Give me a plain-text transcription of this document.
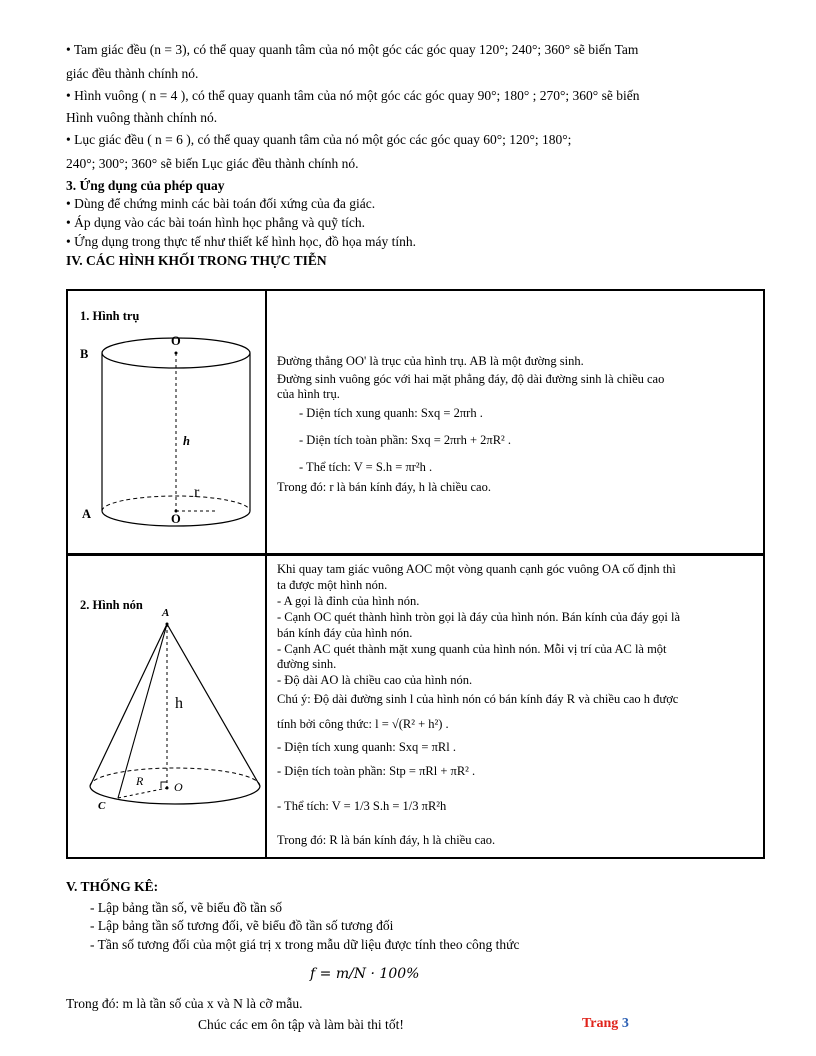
• Tam giác đều (n = 3), có thể quay quanh tâm của nó một góc các góc quay 120°; 240°; 360° sẽ biến Tam
giác đều thành chính nó.
• Hình vuông ( n = 4 ), có thể quay quanh tâm của nó một góc các góc quay 90°; 180° ; 270°; 360° sẽ biến
Hình vuông thành chính nó.
• Lục giác đều ( n = 6 ), có thể quay quanh tâm của nó một góc các góc quay 60°; 120°; 180°;
240°; 300°; 360° sẽ biến Lục giác đều thành chính nó.
3. Ứng dụng của phép quay
• Dùng để chứng minh các bài toán đối xứng của đa giác.
• Áp dụng vào các bài toán hình học phẳng và quỹ tích.
• Ứng dụng trong thực tế như thiết kế hình học, đồ họa máy tính.
IV. CÁC HÌNH KHỐI TRONG THỰC TIỄN
1. Hình trụ
B
O
h
r
A	O
Đường thẳng OO' là trục của hình trụ. AB là một đường sinh.
Đường sinh vuông góc với hai mặt phẳng đáy, độ dài đường sinh là chiều cao
của hình trụ.
- Diện tích xung quanh: Sxq = 2πrh .
- Diện tích toàn phần: Sxq = 2πrh + 2πR² .
- Thể tích: V = S.h = πr²h .
Trong đó: r là bán kính đáy, h là chiều cao.
2. Hình nón
A
h
R	O
C
Khi quay tam giác vuông AOC một vòng quanh cạnh góc vuông OA cố định thì
ta được một hình nón.
- A gọi là đỉnh của hình nón.
- Cạnh OC quét thành hình tròn gọi là đáy của hình nón. Bán kính của đáy gọi là
bán kính đáy của hình nón.
- Cạnh AC quét thành mặt xung quanh của hình nón. Mỗi vị trí của AC là một
đường sinh.
- Độ dài AO là chiều cao của hình nón.
Chú ý: Độ dài đường sinh l của hình nón có bán kính đáy R và chiều cao h được
tính bởi công thức: l = √(R² + h²) .
- Diện tích xung quanh: Sxq = πRl .
- Diện tích toàn phần: Stp = πRl + πR² .
- Thể tích: V = 1/3 S.h = 1/3 πR²h
Trong đó: R là bán kính đáy, h là chiều cao.
V. THỐNG KÊ:
- Lập bảng tần số, vẽ biểu đồ tần số
- Lập bảng tần số tương đối, vẽ biểu đồ tần số tương đối
- Tần số tương đối của một giá trị x trong mẫu dữ liệu được tính theo công thức
f = m/N · 100%
Trong đó: m là tần số của x và N là cỡ mẫu.
Chúc các em ôn tập và làm bài thi tốt!	Trang 3
